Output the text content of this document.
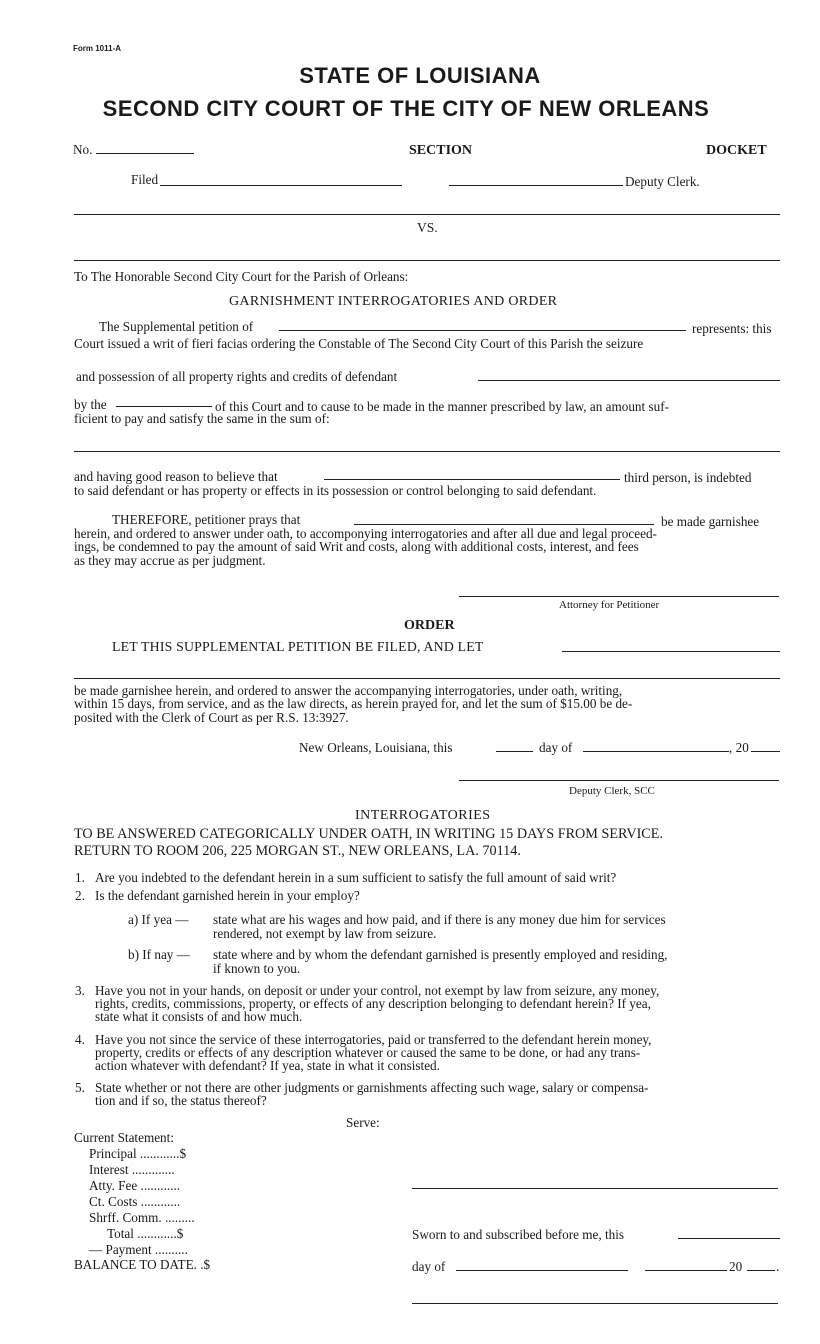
Form 1011-A
STATE OF LOUISIANA
SECOND CITY COURT OF THE CITY OF NEW ORLEANS
No.	SECTION	DOCKET
Filed	Deputy Clerk.
VS.
To The Honorable Second City Court for the Parish of Orleans:
GARNISHMENT INTERROGATORIES AND ORDER
The Supplemental petition of	represents: this
Court issued a writ of fieri facias ordering the Constable of The Second City Court of this Parish the seizure
and possession of all property rights and credits of defendant
by the	of this Court and to cause to be made in the manner prescribed by law, an amount suf-
ficient to pay and satisfy the same in the sum of:
and having good reason to believe that	third person, is indebted
to said defendant or has property or effects in its possession or control belonging to said defendant.
THEREFORE, petitioner prays that	be made garnishee
herein, and ordered to answer under oath, to accomponying interrogatories and after all due and legal proceed-
ings, be condemned to pay the amount of said Writ and costs, along with additional costs, interest, and fees
as they may accrue as per judgment.
Attorney for Petitioner
ORDER
LET THIS SUPPLEMENTAL PETITION BE FILED, AND LET
be made garnishee herein, and ordered to answer the accompanying interrogatories, under oath, writing,
within 15 days, from service, and as the law directs, as herein prayed for, and let the sum of $15.00 be de-
posited with the Clerk of Court as per R.S. 13:3927.
New Orleans, Louisiana, this	day of	, 20
Deputy Clerk, SCC
INTERROGATORIES
TO BE ANSWERED CATEGORICALLY UNDER OATH, IN WRITING 15 DAYS FROM SERVICE.
RETURN TO ROOM 206, 225 MORGAN ST., NEW ORLEANS, LA. 70114.
1. Are you indebted to the defendant herein in a sum sufficient to satisfy the full amount of said writ?
2. Is the defendant garnished herein in your employ?
a) If yea — state what are his wages and how paid, and if there is any money due him for services
rendered, not exempt by law from seizure.
b) If nay — state where and by whom the defendant garnished is presently employed and residing,
if known to you.
3. Have you not in your hands, on deposit or under your control, not exempt by law from seizure, any money,
rights, credits, commissions, property, or effects of any description belonging to defendant herein? If yea,
state what it consists of and how much.
4. Have you not since the service of these interrogatories, paid or transferred to the defendant herein money,
property, credits or effects of any description whatever or caused the same to be done, or had any trans-
action whatever with defendant? If yea, state in what it consisted.
5. State whether or not there are other judgments or garnishments affecting such wage, salary or compensa-
tion and if so, the status thereof?
Serve:
Current Statement:
Principal ............$
Interest .............
Atty. Fee ............
Ct. Costs ............
Shrff. Comm. .........
Total ............$
— Payment ..........
BALANCE TO DATE. .$
Sworn to and subscribed before me, this
day of	20	.
